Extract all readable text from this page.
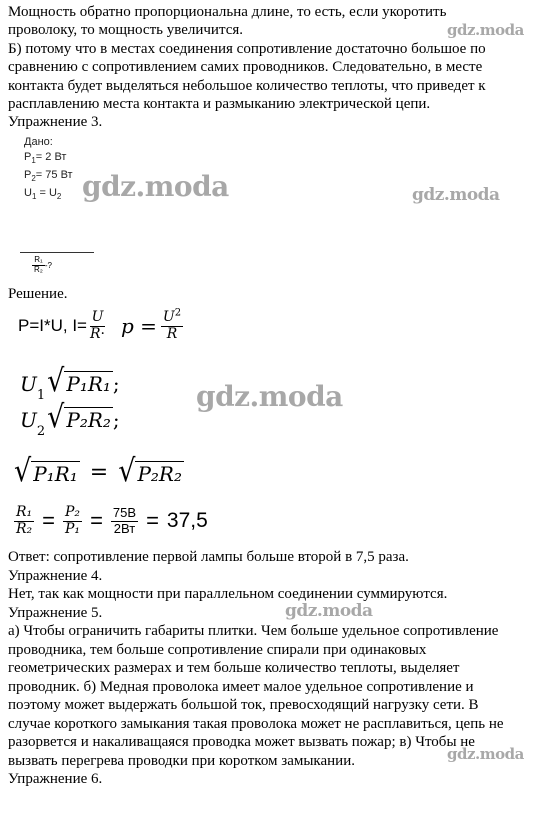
Мощность обратно пропорциональна длине, то есть, если укоротить
проволоку, то мощность увеличится.
Б) потому что в местах соединения сопротивление достаточно большое по
сравнению с сопротивлением самих проводников. Следовательно, в месте
контакта будет выделяться небольшое количество теплоты, что приведет к
расплавлению места контакта и размыканию электрической цепи.
Упражнение 3.
Дано:
$P_1= 2$ Вт
$P_2= 75$ Вт
$U_1 = U_2$
$\frac{\text{R₁}}{\text{R₂}}$ -?
Решение.
P=I*U, $I= \frac{U}{R\cdot}$ $p = \frac{U^2}{R}$
U 1 √ P₁R₁ ;
U 2 √ P₂R₂ ;
√ P₁R₁ = √ P₂R₂
$\frac{\text{R₁}}{\text{R₂}} = \frac{\text{P₂}}{\text{P₁}} = \frac{75В}{2Вт} = 37,5$
Ответ: сопротивление первой лампы больше второй в 7,5 раза.
Упражнение 4.
Нет, так как мощности при параллельном соединении суммируются.
Упражнение 5.
а) Чтобы ограничить габариты плитки. Чем больше удельное сопротивление
проводника, тем больше сопротивление спирали при одинаковых
геометрических размерах и тем больше количество теплоты, выделяет
проводник. б) Медная проволока имеет малое удельное сопротивление и
поэтому может выдержать большой ток, превосходящий нагрузку сети. В
случае короткого замыкания такая проволока может не расплавиться, цепь не
разорвется и накаливащаяся проводка может вызвать пожар; в) Чтобы не
вызвать перегрева проводки при коротком замыкании.
Упражнение 6.
gdz.moda
gdz.moda	gdz.moda
gdz.moda
gdz.moda
gdz.moda
